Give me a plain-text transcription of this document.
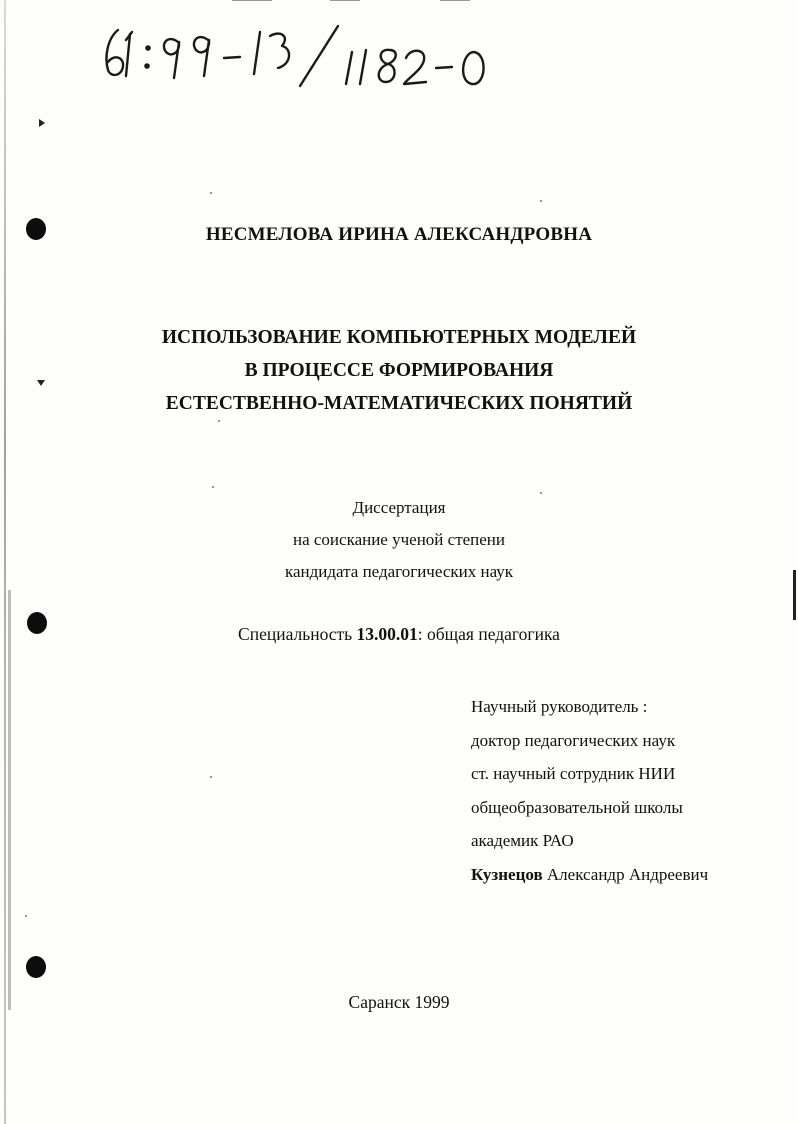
НЕСМЕЛОВА ИРИНА АЛЕКСАНДРОВНА
ИСПОЛЬЗОВАНИЕ КОМПЬЮТЕРНЫХ МОДЕЛЕЙ
В ПРОЦЕССЕ ФОРМИРОВАНИЯ
ЕСТЕСТВЕННО-МАТЕМАТИЧЕСКИХ ПОНЯТИЙ
Диссертация
на соискание ученой степени
кандидата педагогических наук
Специальность 13.00.01: общая педагогика
Научный руководитель :
доктор педагогических наук
ст. научный сотрудник НИИ
общеобразовательной школы
академик РАО
Кузнецов Александр Андреевич
Саранск 1999
